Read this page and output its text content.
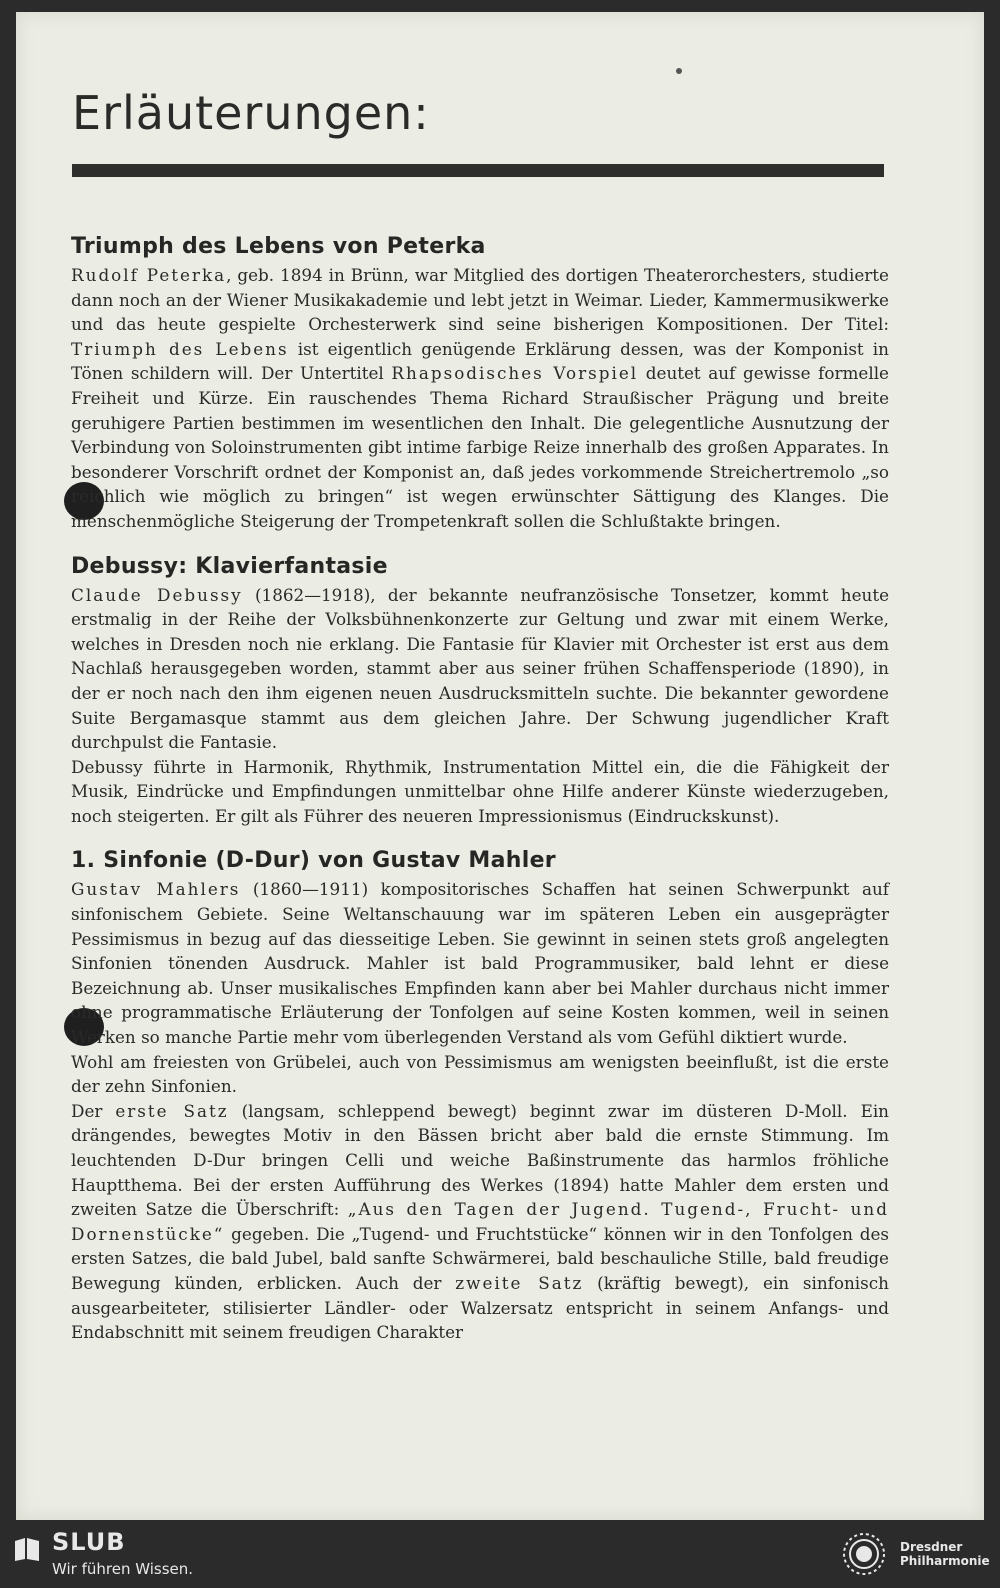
Erläuterungen:
Triumph des Lebens von Peterka

Rudolf Peterka, geb. 1894 in Brünn, war Mitglied des dortigen Theaterorchesters, studierte dann noch an der Wiener Musikakademie und lebt jetzt in Weimar. Lieder, Kammermusikwerke und das heute gespielte Orchesterwerk sind seine bisherigen Kompositionen. Der Titel: Triumph des Lebens ist eigentlich genügende Erklärung dessen, was der Komponist in Tönen schildern will. Der Untertitel Rhapsodisches Vorspiel deutet auf gewisse formelle Freiheit und Kürze. Ein rauschendes Thema Richard Straußischer Prägung und breite geruhigere Partien bestimmen im wesentlichen den Inhalt. Die gelegentliche Ausnutzung der Verbindung von Soloinstrumenten gibt intime farbige Reize innerhalb des großen Apparates. In besonderer Vorschrift ordnet der Komponist an, daß jedes vorkommende Streichertremolo „so reichlich wie möglich zu bringen“ ist wegen erwünschter Sättigung des Klanges. Die menschenmögliche Steigerung der Trompetenkraft sollen die Schlußtakte bringen.

Debussy: Klavierfantasie

Claude Debussy (1862—1918), der bekannte neufranzösische Tonsetzer, kommt heute erstmalig in der Reihe der Volksbühnenkonzerte zur Geltung und zwar mit einem Werke, welches in Dresden noch nie erklang. Die Fantasie für Klavier mit Orchester ist erst aus dem Nachlaß herausgegeben worden, stammt aber aus seiner frühen Schaffensperiode (1890), in der er noch nach den ihm eigenen neuen Ausdrucksmitteln suchte. Die bekannter gewordene Suite Bergamasque stammt aus dem gleichen Jahre. Der Schwung jugendlicher Kraft durchpulst die Fantasie.

Debussy führte in Harmonik, Rhythmik, Instrumentation Mittel ein, die die Fähigkeit der Musik, Eindrücke und Empfindungen unmittelbar ohne Hilfe anderer Künste wiederzugeben, noch steigerten. Er gilt als Führer des neueren Impressionismus (Eindruckskunst).

1. Sinfonie (D-Dur) von Gustav Mahler

Gustav Mahlers (1860—1911) kompositorisches Schaffen hat seinen Schwerpunkt auf sinfonischem Gebiete. Seine Weltanschauung war im späteren Leben ein ausgeprägter Pessimismus in bezug auf das diesseitige Leben. Sie gewinnt in seinen stets groß angelegten Sinfonien tönenden Ausdruck. Mahler ist bald Programmusiker, bald lehnt er diese Bezeichnung ab. Unser musikalisches Empfinden kann aber bei Mahler durchaus nicht immer ohne programmatische Erläuterung der Tonfolgen auf seine Kosten kommen, weil in seinen Werken so manche Partie mehr vom überlegenden Verstand als vom Gefühl diktiert wurde.

Wohl am freiesten von Grübelei, auch von Pessimismus am wenigsten beeinflußt, ist die erste der zehn Sinfonien.

Der erste Satz (langsam, schleppend bewegt) beginnt zwar im düsteren D-Moll. Ein drängendes, bewegtes Motiv in den Bässen bricht aber bald die ernste Stimmung. Im leuchtenden D-Dur bringen Celli und weiche Baßinstrumente das harmlos fröhliche Hauptthema. Bei der ersten Aufführung des Werkes (1894) hatte Mahler dem ersten und zweiten Satze die Überschrift: „Aus den Tagen der Jugend. Tugend-, Frucht- und Dornenstücke“ gegeben. Die „Tugend- und Fruchtstücke“ können wir in den Tonfolgen des ersten Satzes, die bald Jubel, bald sanfte Schwärmerei, bald beschauliche Stille, bald freudige Bewegung künden, erblicken. Auch der zweite Satz (kräftig bewegt), ein sinfonisch ausgearbeiteter, stilisierter Ländler- oder Walzersatz entspricht in seinem Anfangs- und Endabschnitt mit seinem freudigen Charakter

SLUB
Wir führen Wissen.
Dresdner
Philharmonie
